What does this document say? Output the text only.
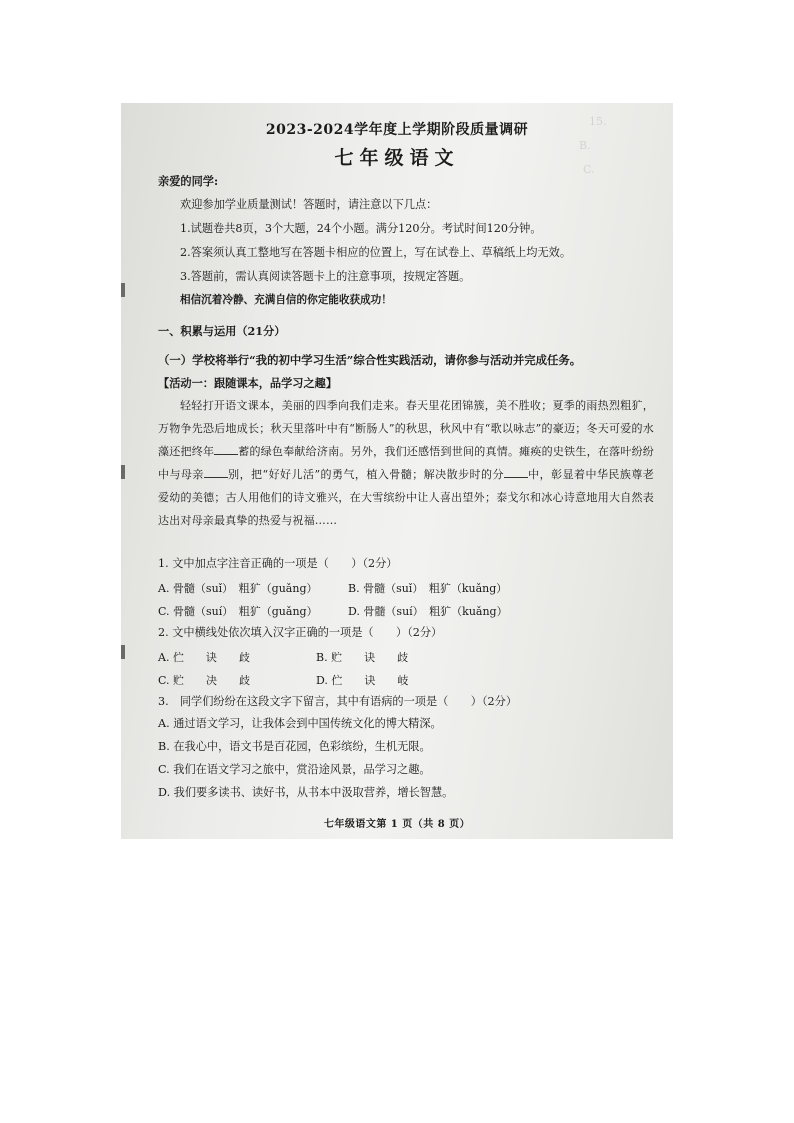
15.
B.
C.
2023-2024学年度上学期阶段质量调研
七年级语文
亲爱的同学:
欢迎参加学业质量测试！答题时，请注意以下几点：
1.试题卷共8页，3个大题，24个小题。满分120分。考试时间120分钟。
2.答案须认真工整地写在答题卡相应的位置上，写在试卷上、草稿纸上均无效。
3.答题前，需认真阅读答题卡上的注意事项，按规定答题。
相信沉着冷静、充满自信的你定能收获成功！
一、积累与运用（21分）
（一）学校将举行“我的初中学习生活”综合性实践活动，请你参与活动并完成任务。
【活动一：跟随课本，品学习之趣】
轻轻打开语文课本，美丽的四季向我们走来。春天里花团锦簇，美不胜收；夏季的雨热烈粗犷，万物争先恐后地成长；秋天里落叶中有“断肠人”的秋思，秋风中有“歌以咏志”的豪迈；冬天可爱的水藻还把终年 蓄的绿色奉献给济南。另外，我们还感悟到世间的真情。瘫痪的史铁生，在落叶纷纷中与母亲 别，把“好好儿活”的勇气，植入骨髓；解决散步时的分 中，彰显着中华民族尊老爱幼的美德；古人用他们的诗文雅兴，在大雪缤纷中让人喜出望外；泰戈尔和冰心诗意地用大自然表达出对母亲最真挚的热爱与祝福……
1. 文中加点字注音正确的一项是（　　）（2分）
A. 骨髓（suǐ）　粗犷（guǎng）	B. 骨髓（suǐ）　粗犷（kuǎng）
C. 骨髓（suí）　粗犷（guǎng）	D. 骨髓（suí）　粗犷（kuǎng）
2. 文中横线处依次填入汉字正确的一项是（　　）（2分）
A. 伫　　诀　　歧	B. 贮　　诀　　歧
C. 贮　　决　　歧	D. 伫　　诀　　岐
3.　同学们纷纷在这段文字下留言，其中有语病的一项是（　　）（2分）
A. 通过语文学习，让我体会到中国传统文化的博大精深。
B. 在我心中，语文书是百花园，色彩缤纷，生机无限。
C. 我们在语文学习之旅中，赏沿途风景，品学习之趣。
D. 我们要多读书、读好书，从书本中汲取营养，增长智慧。
七年级语文第 1 页（共 8 页）
